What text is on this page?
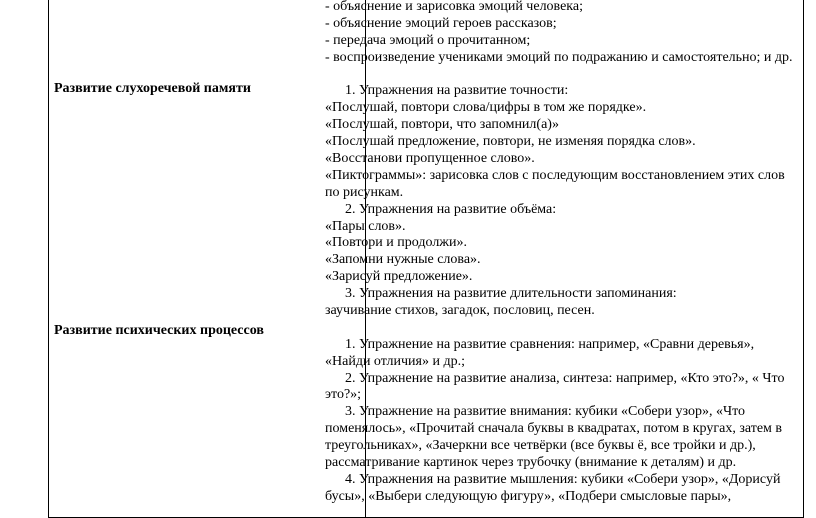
Развитие слухоречевой памяти
Развитие психических процессов
- объяснение и зарисовка эмоций человека;
- объяснение эмоций героев рассказов;
- передача эмоций о прочитанном;
- воспроизведение учениками эмоций по подражанию и самостоятельно; и др.
1. Упражнения на развитие точности:
«Послушай, повтори слова/цифры в том же порядке».
«Послушай, повтори, что запомнил(а)»
«Послушай предложение, повтори, не изменяя порядка слов».
«Восстанови пропущенное слово».
«Пиктограммы»: зарисовка слов с последующим восстановлением этих слов
по рисункам.
2. Упражнения на развитие объёма:
«Пары слов».
«Повтори и продолжи».
«Запомни нужные слова».
«Зарисуй предложение».
3. Упражнения на развитие длительности запоминания:
заучивание стихов, загадок, пословиц, песен.
1. Упражнение на развитие сравнения: например, «Сравни деревья»,
«Найди отличия» и др.;
2. Упражнение на развитие анализа, синтеза: например, «Кто это?», « Что
это?»;
3. Упражнение на развитие внимания: кубики «Собери узор», «Что
поменялось», «Прочитай сначала буквы в квадратах, потом в кругах, затем в
треугольниках», «Зачеркни все четвёрки (все буквы ё, все тройки и др.),
рассматривание картинок через трубочку (внимание к деталям) и др.
4. Упражнения на развитие мышления: кубики «Собери узор», «Дорисуй
бусы», «Выбери следующую фигуру», «Подбери смысловые пары»,
